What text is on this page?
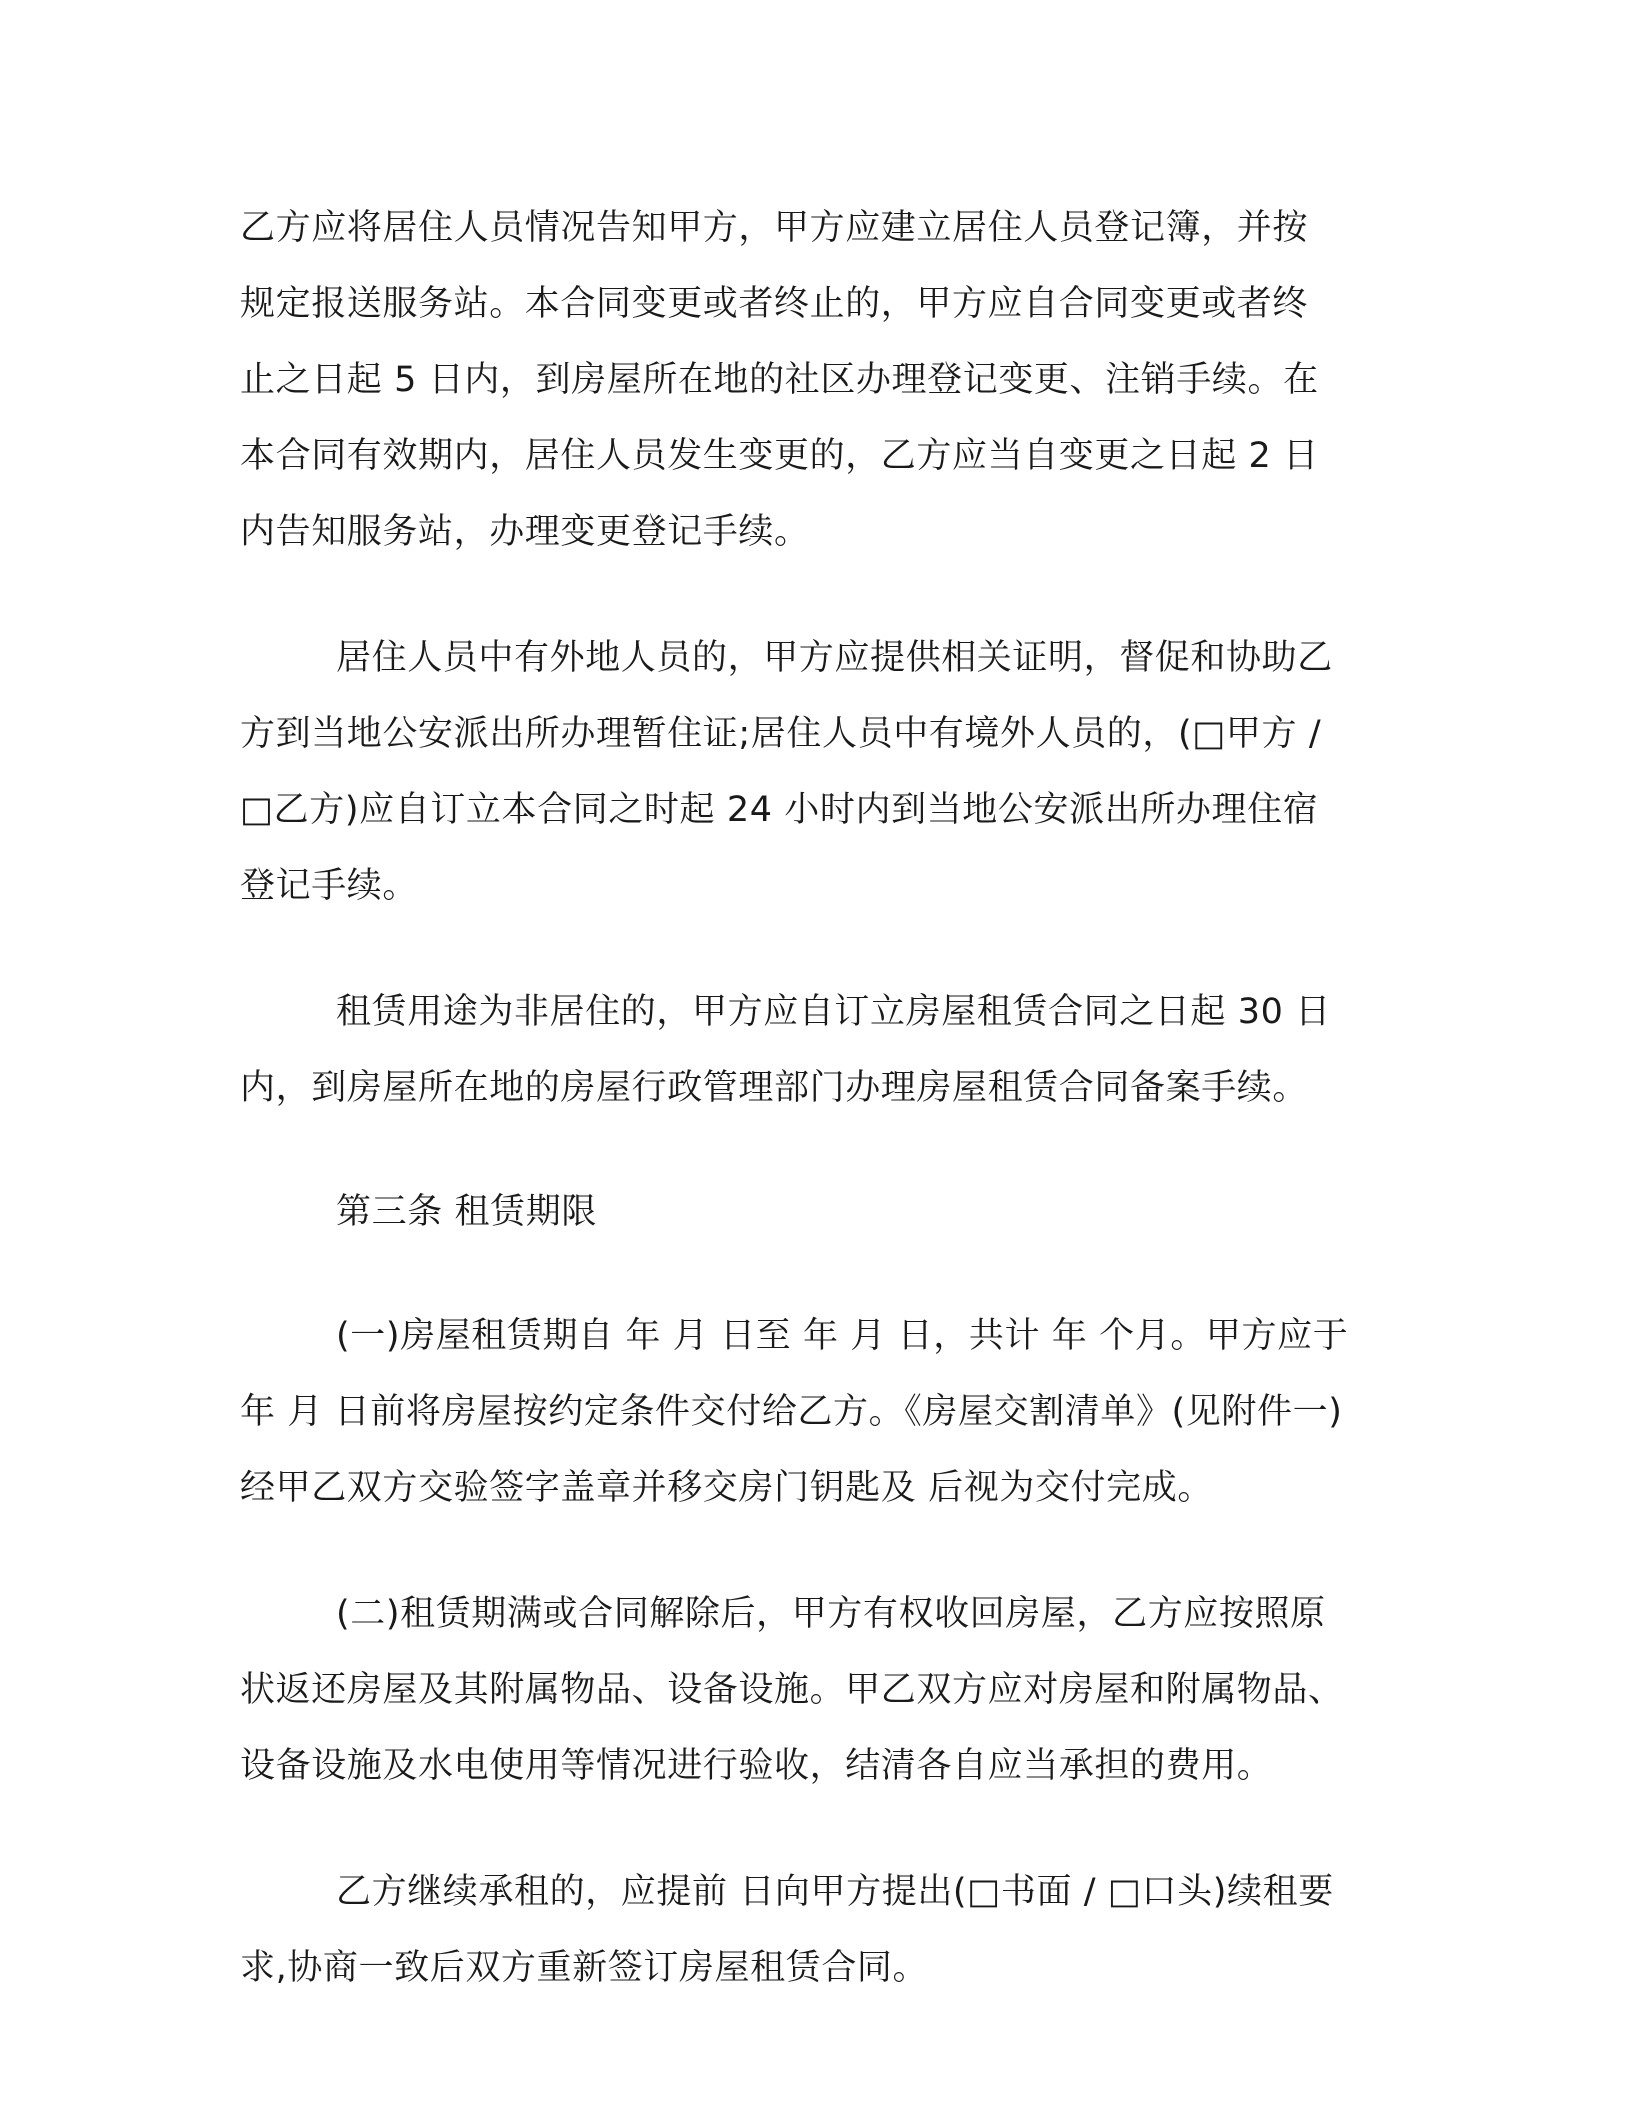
乙方应将居住人员情况告知甲方，甲方应建立居住人员登记簿，并按
规定报送服务站。本合同变更或者终止的，甲方应自合同变更或者终
止之日起 5 日内，到房屋所在地的社区办理登记变更、注销手续。在
本合同有效期内，居住人员发生变更的，乙方应当自变更之日起 2 日
内告知服务站，办理变更登记手续。
居住人员中有外地人员的，甲方应提供相关证明，督促和协助乙
方到当地公安派出所办理暂住证;居住人员中有境外人员的，(□甲方 /
□乙方)应自订立本合同之时起 24 小时内到当地公安派出所办理住宿
登记手续。
租赁用途为非居住的，甲方应自订立房屋租赁合同之日起 30 日
内，到房屋所在地的房屋行政管理部门办理房屋租赁合同备案手续。
第三条 租赁期限
(一)房屋租赁期自 年 月 日至 年 月 日，共计 年 个月。甲方应于
年 月 日前将房屋按约定条件交付给乙方。《房屋交割清单》(见附件一)
经甲乙双方交验签字盖章并移交房门钥匙及 后视为交付完成。
(二)租赁期满或合同解除后，甲方有权收回房屋，乙方应按照原
状返还房屋及其附属物品、设备设施。甲乙双方应对房屋和附属物品、
设备设施及水电使用等情况进行验收，结清各自应当承担的费用。
乙方继续承租的，应提前 日向甲方提出(□书面 / □口头)续租要
求,协商一致后双方重新签订房屋租赁合同。
